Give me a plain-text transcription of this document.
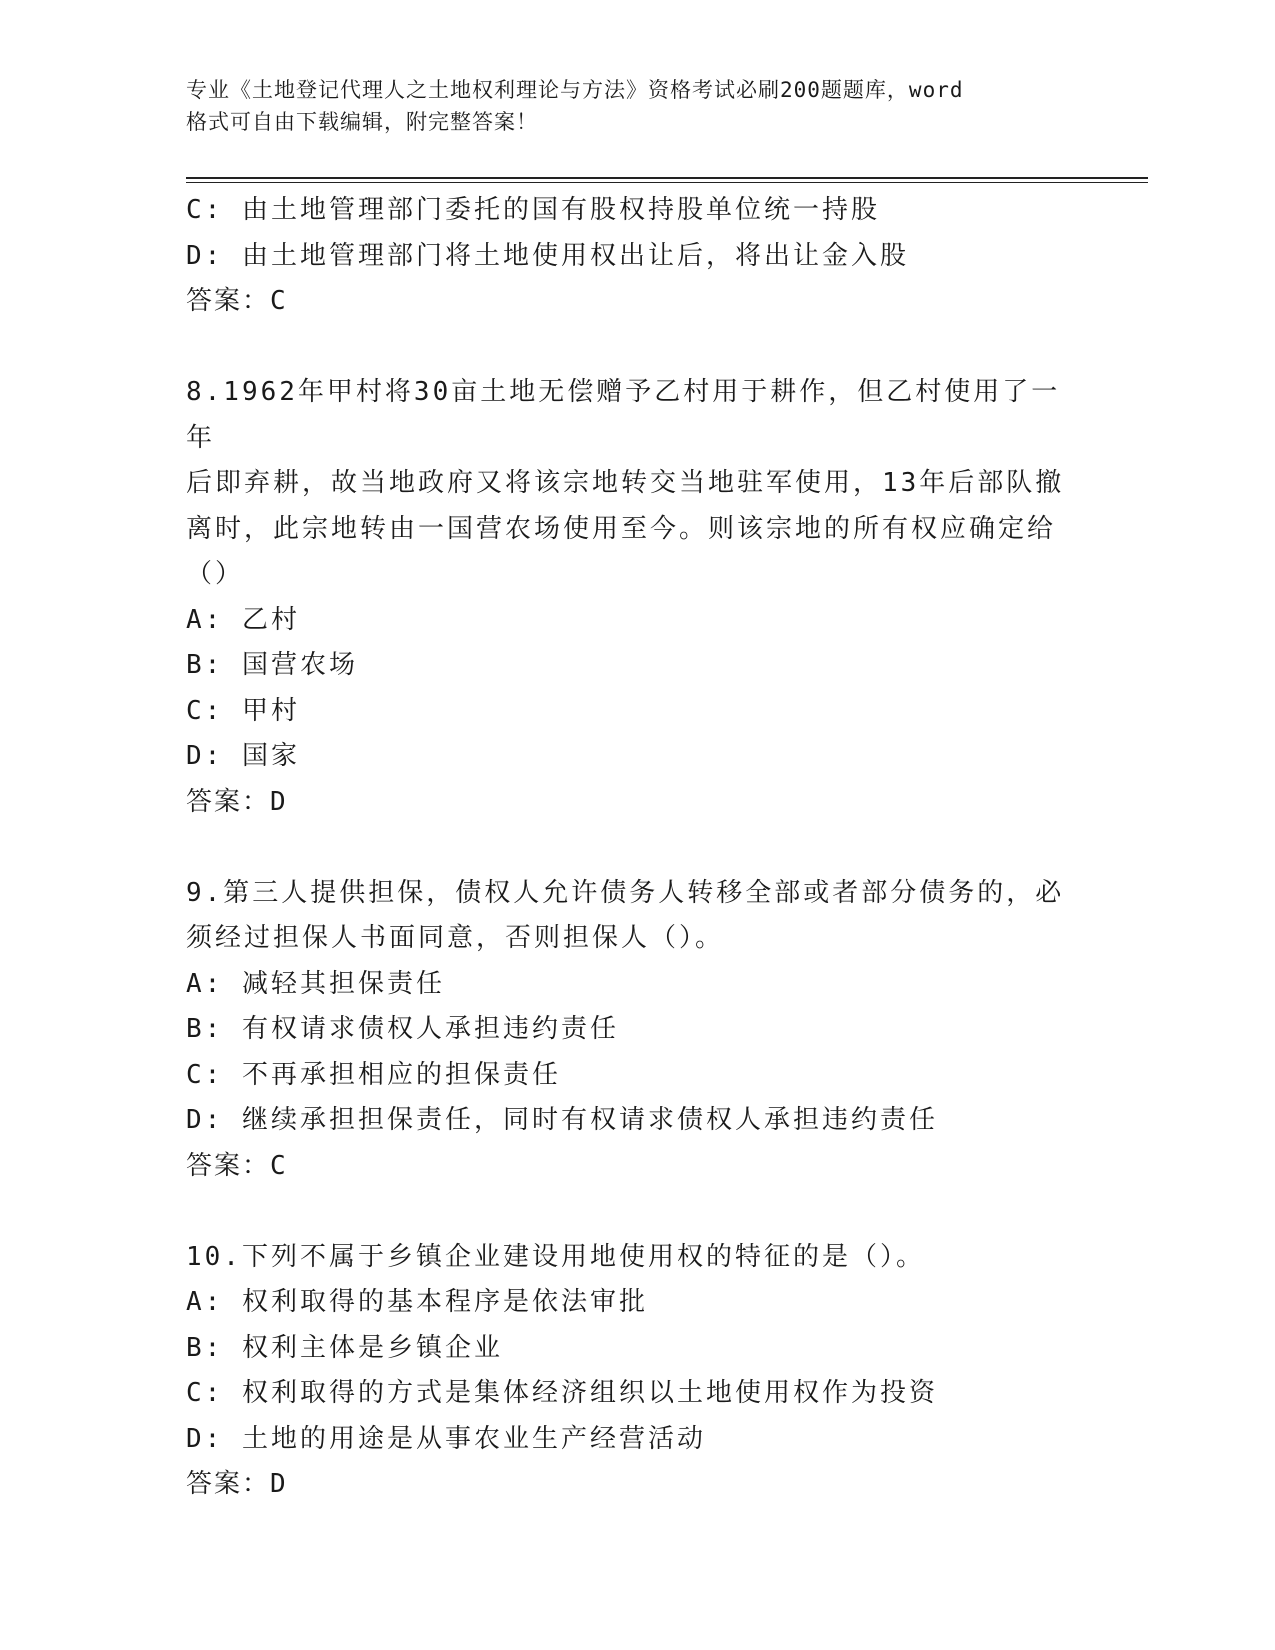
专业《土地登记代理人之土地权利理论与方法》资格考试必刷200题题库，word
格式可自由下载编辑，附完整答案！
C: 由土地管理部门委托的国有股权持股单位统一持股
D: 由土地管理部门将土地使用权出让后，将出让金入股
答案：C
8.1962年甲村将30亩土地无偿赠予乙村用于耕作，但乙村使用了一年
后即弃耕，故当地政府又将该宗地转交当地驻军使用，13年后部队撤
离时，此宗地转由一国营农场使用至今。则该宗地的所有权应确定给
（）
A: 乙村
B: 国营农场
C: 甲村
D: 国家
答案：D
9.第三人提供担保，债权人允许债务人转移全部或者部分债务的，必
须经过担保人书面同意，否则担保人（）。
A: 减轻其担保责任
B: 有权请求债权人承担违约责任
C: 不再承担相应的担保责任
D: 继续承担担保责任，同时有权请求债权人承担违约责任
答案：C
10.下列不属于乡镇企业建设用地使用权的特征的是（）。
A: 权利取得的基本程序是依法审批
B: 权利主体是乡镇企业
C: 权利取得的方式是集体经济组织以土地使用权作为投资
D: 土地的用途是从事农业生产经营活动
答案：D
